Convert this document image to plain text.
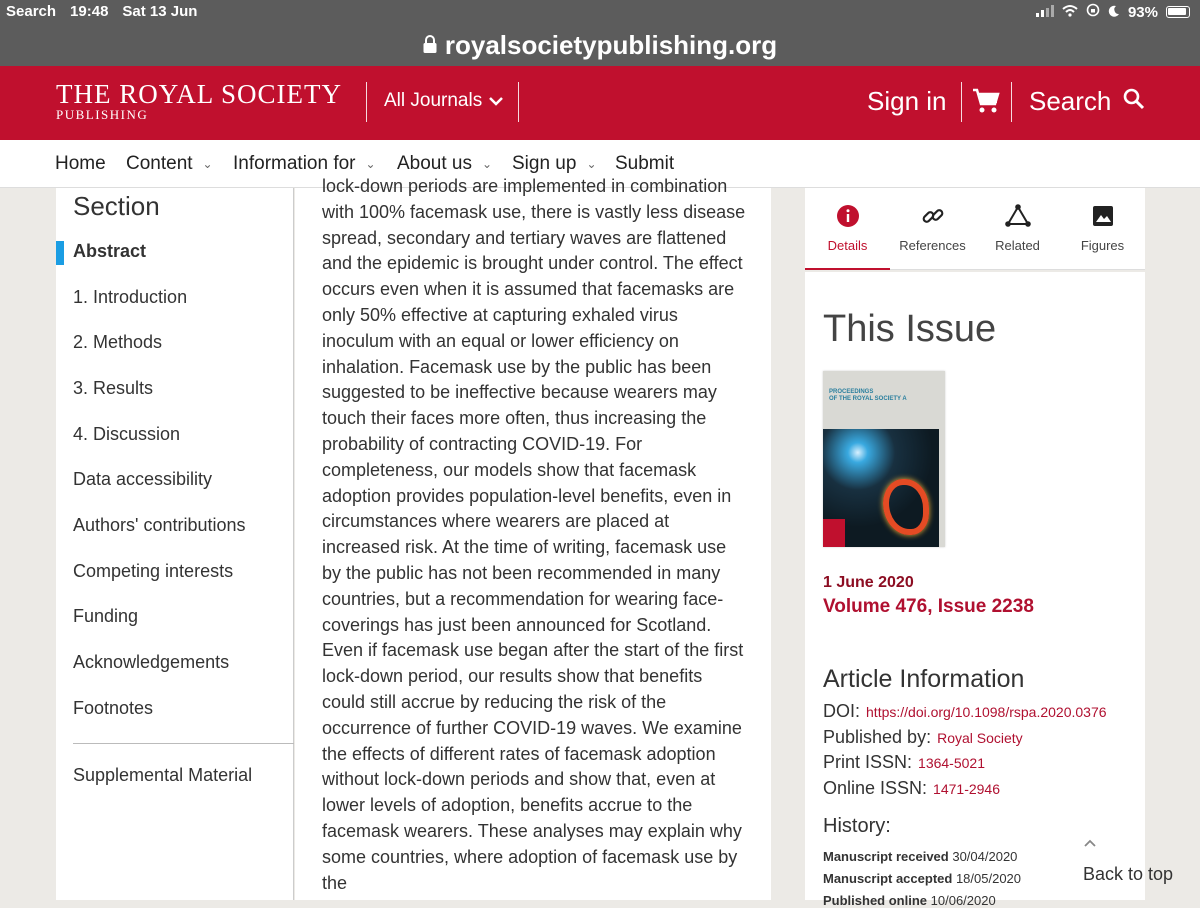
Search 19:48 Sat 13 Jun	93%
royalsocietypublishing.org
THE ROYAL SOCIETY
PUBLISHING
All Journals	Sign in	Search
Home Content ⌄ Information for ⌄ About us ⌄ Sign up ⌄ Submit
Section
Abstract
1. Introduction
2. Methods
3. Results
4. Discussion
Data accessibility
Authors' contributions
Competing interests
Funding
Acknowledgements
Footnotes
Supplemental Material
lock-down periods are implemented in combination with 100% facemask use, there is vastly less disease spread, secondary and tertiary waves are flattened and the epidemic is brought under control. The effect occurs even when it is assumed that facemasks are only 50% effective at capturing exhaled virus inoculum with an equal or lower efficiency on inhalation. Facemask use by the public has been suggested to be ineffective because wearers may touch their faces more often, thus increasing the probability of contracting COVID-19. For completeness, our models show that facemask adoption provides population-level benefits, even in circumstances where wearers are placed at increased risk. At the time of writing, facemask use by the public has not been recommended in many countries, but a recommendation for wearing face-coverings has just been announced for Scotland. Even if facemask use began after the start of the first lock-down period, our results show that benefits could still accrue by reducing the risk of the occurrence of further COVID-19 waves. We examine the effects of different rates of facemask adoption without lock-down periods and show that, even at lower levels of adoption, benefits accrue to the facemask wearers. These analyses may explain why some countries, where adoption of facemask use by the
Details	References	Related	Figures
This Issue
PROCEEDINGS
OF THE ROYAL SOCIETY A
1 June 2020
Volume 476, Issue 2238
Article Information
DOI: https://doi.org/10.1098/rspa.2020.0376
Published by: Royal Society
Print ISSN: 1364-5021
Online ISSN: 1471-2946
History:
Manuscript received 30/04/2020
Manuscript accepted 18/05/2020
Published online 10/06/2020
Back to top
